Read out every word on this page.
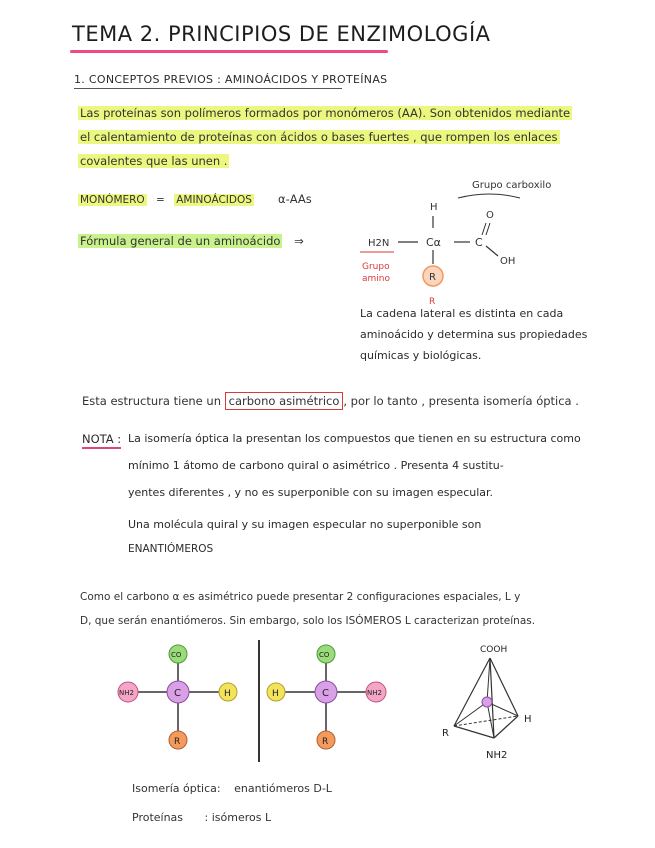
TEMA 2. PRINCIPIOS DE ENZIMOLOGÍA
1. CONCEPTOS PREVIOS : AMINOÁCIDOS Y PROTEÍNAS
Las proteínas son polímeros formados por monómeros (AA). Son obtenidos mediante
el calentamiento de proteínas con ácidos o bases fuertes , que rompen los enlaces
covalentes que las unen .
MONÓMERO = AMINOÁCIDOS α-AAs
Fórmula general de un aminoácido ⇒
Grupo carboxilo
H
O
H2N	Cα	C
OH
R
Grupo
amino
R
La cadena lateral es distinta en cada
aminoácido y determina sus propiedades
químicas y biológicas.
Esta estructura tiene un carbono asimétrico , por lo tanto , presenta isomería óptica .
NOTA : La isomería óptica la presentan los compuestos que tienen en su estructura como
mínimo 1 átomo de carbono quiral o asimétrico . Presenta 4 sustitu-
yentes diferentes , y no es superponible con su imagen especular.
Una molécula quiral y su imagen especular no superponible son
ENANTIÓMEROS
Como el carbono α es asimétrico puede presentar 2 configuraciones espaciales, L y
D, que serán enantiómeros. Sin embargo, solo los ISÓMEROS L caracterizan proteínas.
CO
NH2	C	H
R
CO
H	C	NH2
R
COOH
R
H
NH2
Isomería óptica: enantiómeros D-L
Proteínas : isómeros L
